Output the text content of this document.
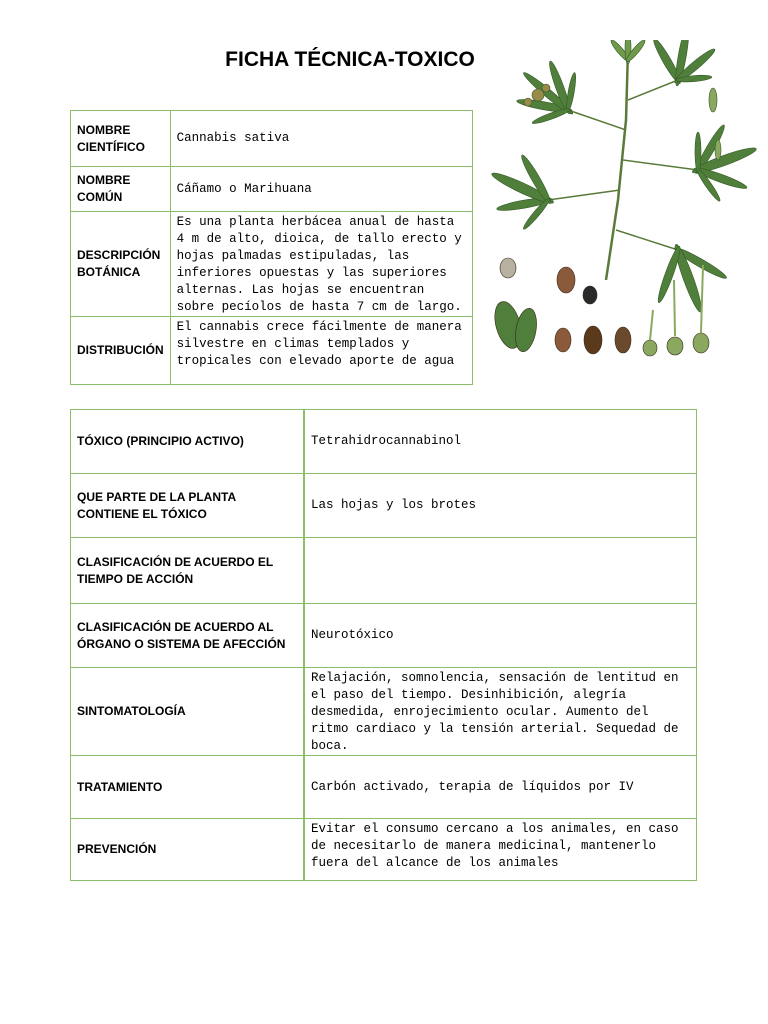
FICHA TÉCNICA-TOXICO
NOMBRE CIENTÍFICO	Cannabis sativa
NOMBRE COMÚN	Cáñamo o Marihuana
DESCRIPCIÓN BOTÁNICA	Es una planta herbácea anual de hasta 4 m de alto, dioica, de tallo erecto y hojas palmadas estipuladas, las inferiores opuestas y las superiores alternas. Las hojas se encuentran sobre pecíolos de hasta 7 cm de largo.
DISTRIBUCIÓN	El cannabis crece fácilmente de manera silvestre en climas templados y tropicales con elevado aporte de agua
TÓXICO (PRINCIPIO ACTIVO)	Tetrahidrocannabinol
QUE PARTE DE LA PLANTA CONTIENE EL TÓXICO	Las hojas y los brotes
CLASIFICACIÓN DE ACUERDO EL TIEMPO DE ACCIÓN	
CLASIFICACIÓN DE ACUERDO AL ÓRGANO O SISTEMA DE AFECCIÓN	Neurotóxico
SINTOMATOLOGÍA	Relajación, somnolencia, sensación de lentitud en el paso del tiempo. Desinhibición, alegría desmedida, enrojecimiento ocular. Aumento del ritmo cardiaco y la tensión arterial. Sequedad de boca.
TRATAMIENTO	Carbón activado, terapia de líquidos por IV
PREVENCIÓN	Evitar el consumo cercano a los animales, en caso de necesitarlo de manera medicinal, mantenerlo fuera del alcance de los animales
